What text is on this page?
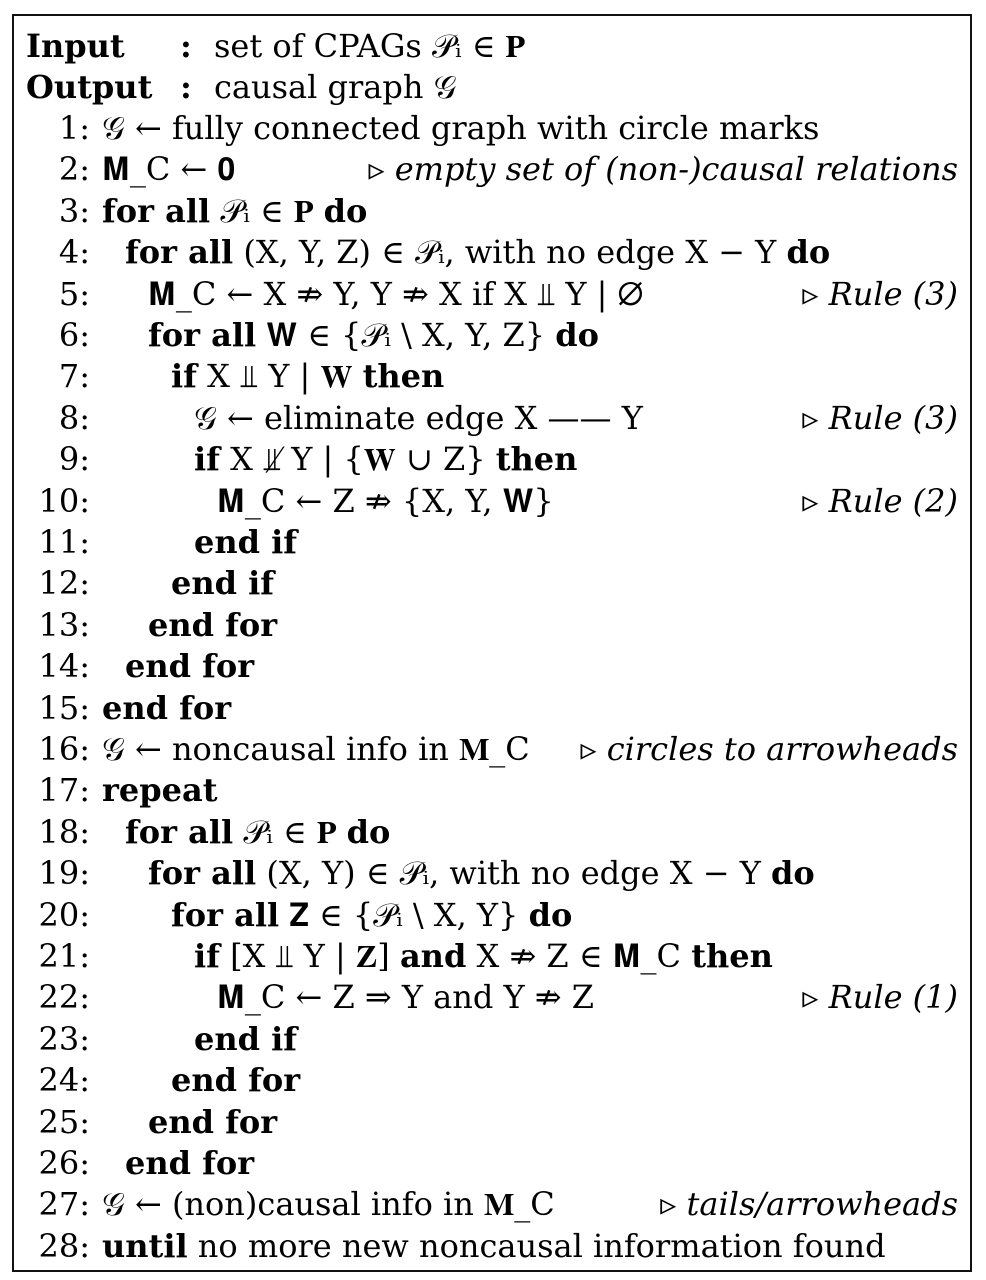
Input : set of CPAGs 𝒫ᵢ ∈ 𝐏
Output : causal graph 𝒢
1: 𝒢 ← fully connected graph with circle marks
2: 𝐌_C ← 𝟎	▹ empty set of (non-)causal relations
3: for all 𝒫ᵢ ∈ 𝐏 do
4: for all (X, Y, Z) ∈ 𝒫ᵢ, with no edge X − Y do
5: 𝐌_C ← X ⇏ Y, Y ⇏ X if X ⫫ Y | ∅	▹ Rule (3)
6: for all 𝐖 ∈ {𝒫ᵢ \ X, Y, Z} do
7:	if X ⫫ Y | 𝐖 then
8:	𝒢 ← eliminate edge X —— Y	▹ Rule (3)
9:	if X ⫫̸ Y | {𝐖 ∪ Z} then
10:	𝐌_C ← Z ⇏ {X, Y, 𝐖}	▹ Rule (2)
11:	end if
12:	end if
13: end for
14: end for
15: end for
16: 𝒢 ← noncausal info in 𝐌_C ▹ circles to arrowheads
17: repeat
18: for all 𝒫ᵢ ∈ 𝐏 do
19: for all (X, Y) ∈ 𝒫ᵢ, with no edge X − Y do
20:	for all 𝐙 ∈ {𝒫ᵢ \ X, Y} do
21:	if [X ⫫ Y | 𝐙] and X ⇏ Z ∈ 𝐌_C then
22:	𝐌_C ← Z ⇒ Y and Y ⇏ Z	▹ Rule (1)
23:	end if
24:	end for
25: end for
26: end for
27: 𝒢 ← (non)causal info in 𝐌_C	▹ tails/arrowheads
28: until no more new noncausal information found
